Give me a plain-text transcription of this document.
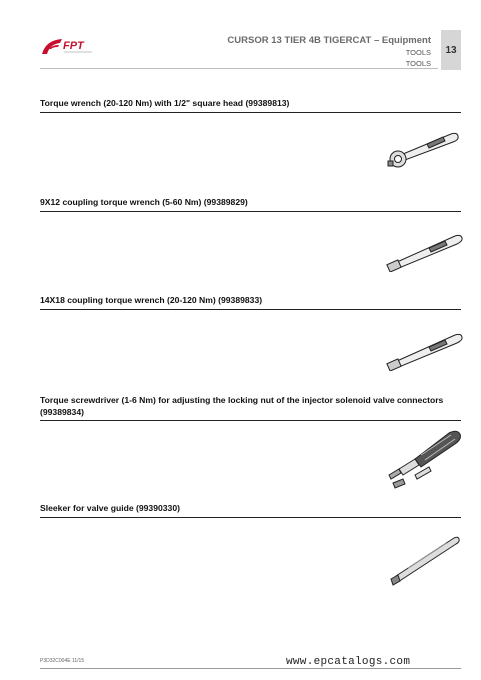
FPT	CURSOR 13 TIER 4B TIGERCAT – Equipment
TOOLS
TOOLS
13
Torque wrench (20-120 Nm) with 1/2" square head (99389813)
9X12 coupling torque wrench (5-60 Nm) (99389829)
14X18 coupling torque wrench (20-120 Nm) (99389833)
Torque screwdriver (1-6 Nm) for adjusting the locking nut of the injector solenoid valve connectors (99389834)
Sleeker for valve guide (99390330)
P3D32C004E 11/15	www.epcatalogs.com
